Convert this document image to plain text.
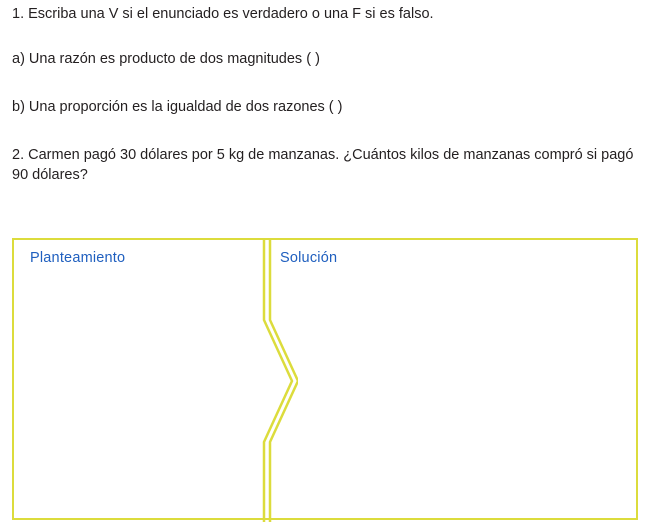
1. Escriba una V si el enunciado es verdadero o una F si es falso.
a) Una razón es producto de dos magnitudes ( )
b) Una proporción es la igualdad de dos razones ( )
2. Carmen pagó 30 dólares por 5 kg de manzanas. ¿Cuántos kilos de manzanas compró si pagó 90 dólares?
Planteamiento	Solución
